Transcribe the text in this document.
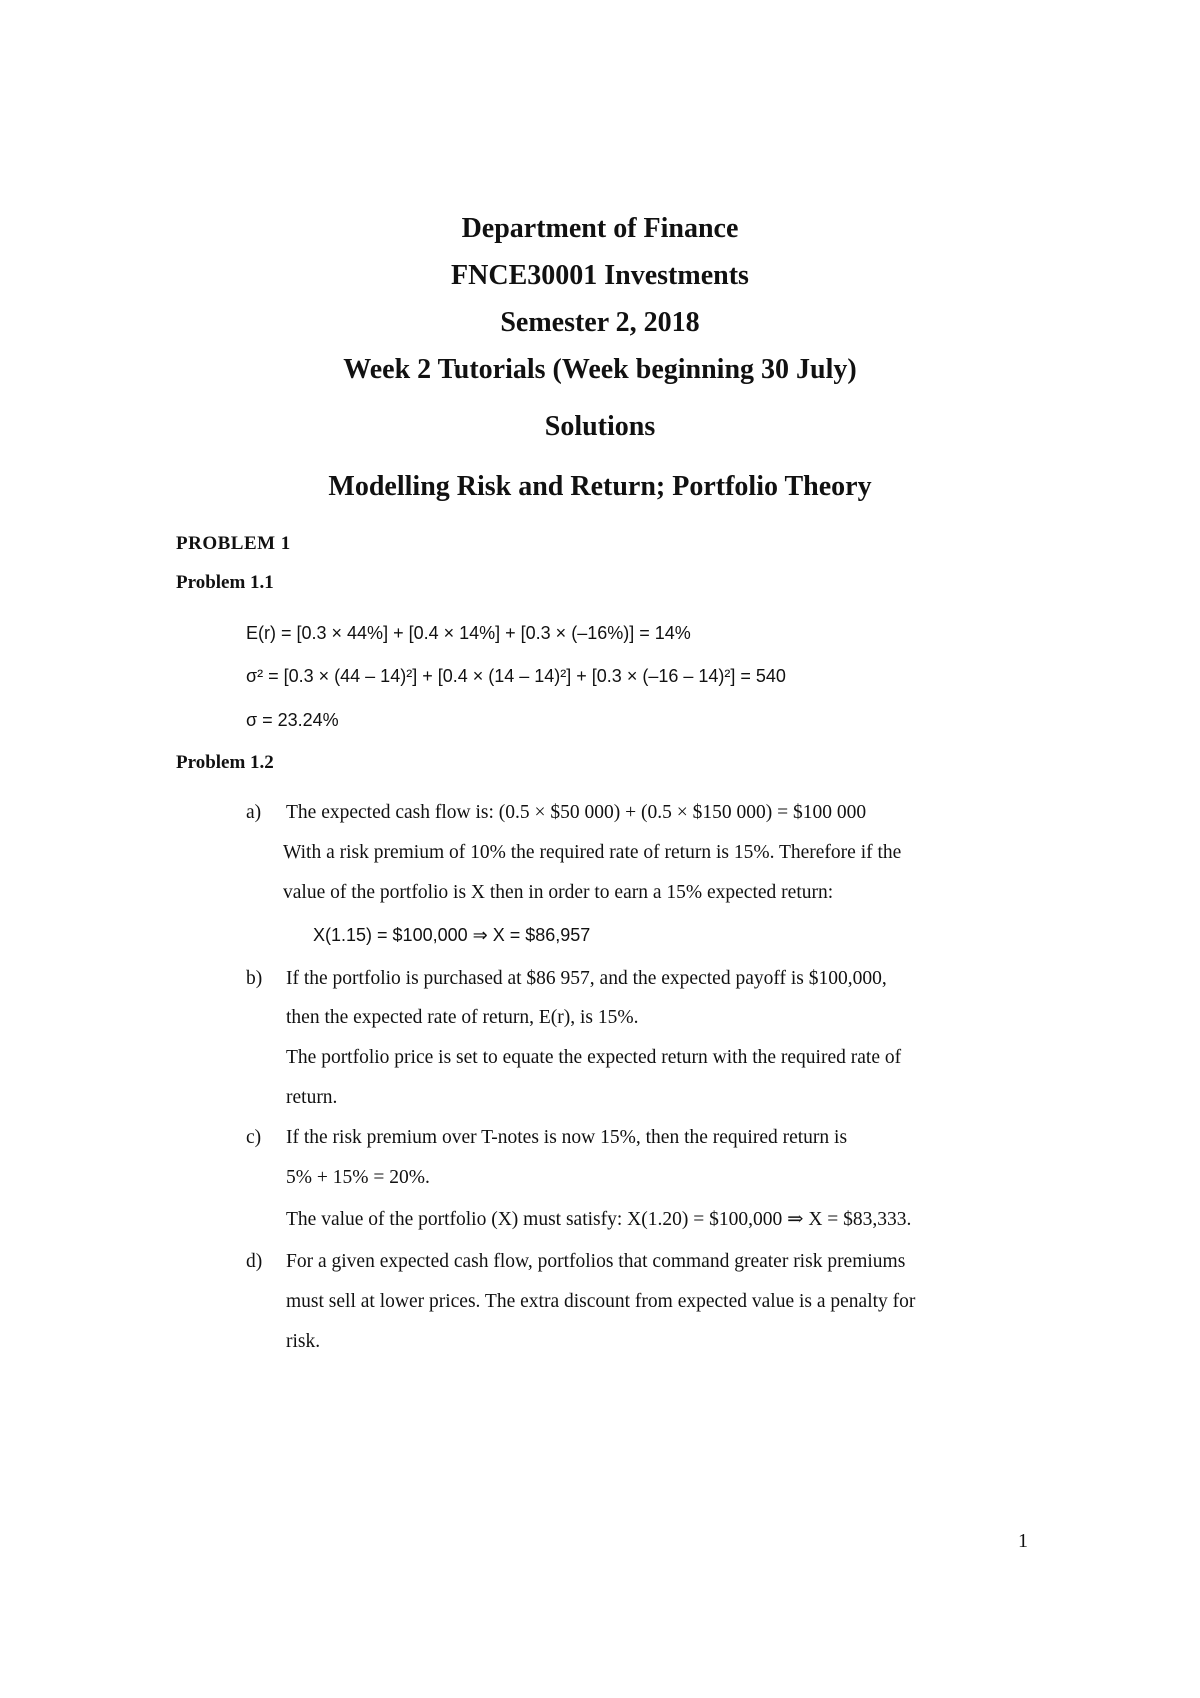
Department of Finance
FNCE30001 Investments
Semester 2, 2018
Week 2 Tutorials (Week beginning 30 July)
Solutions
Modelling Risk and Return; Portfolio Theory
PROBLEM 1
Problem 1.1
E(r) = [0.3 × 44%] + [0.4 × 14%] + [0.3 × (–16%)] = 14%
σ² = [0.3 × (44 – 14)²] + [0.4 × (14 – 14)²] + [0.3 × (–16 – 14)²] = 540
σ = 23.24%
Problem 1.2
a) The expected cash flow is: (0.5 × $50 000) + (0.5 × $150 000) = $100 000
With a risk premium of 10% the required rate of return is 15%. Therefore if the
value of the portfolio is X then in order to earn a 15% expected return:
X(1.15) = $100,000 ⇒ X = $86,957
b) If the portfolio is purchased at $86 957, and the expected payoff is $100,000,
then the expected rate of return, E(r), is 15%.
The portfolio price is set to equate the expected return with the required rate of
return.
c) If the risk premium over T-notes is now 15%, then the required return is
5% + 15% = 20%.
The value of the portfolio (X) must satisfy: X(1.20) = $100,000 ⇒ X = $83,333.
d) For a given expected cash flow, portfolios that command greater risk premiums
must sell at lower prices. The extra discount from expected value is a penalty for
risk.
1
